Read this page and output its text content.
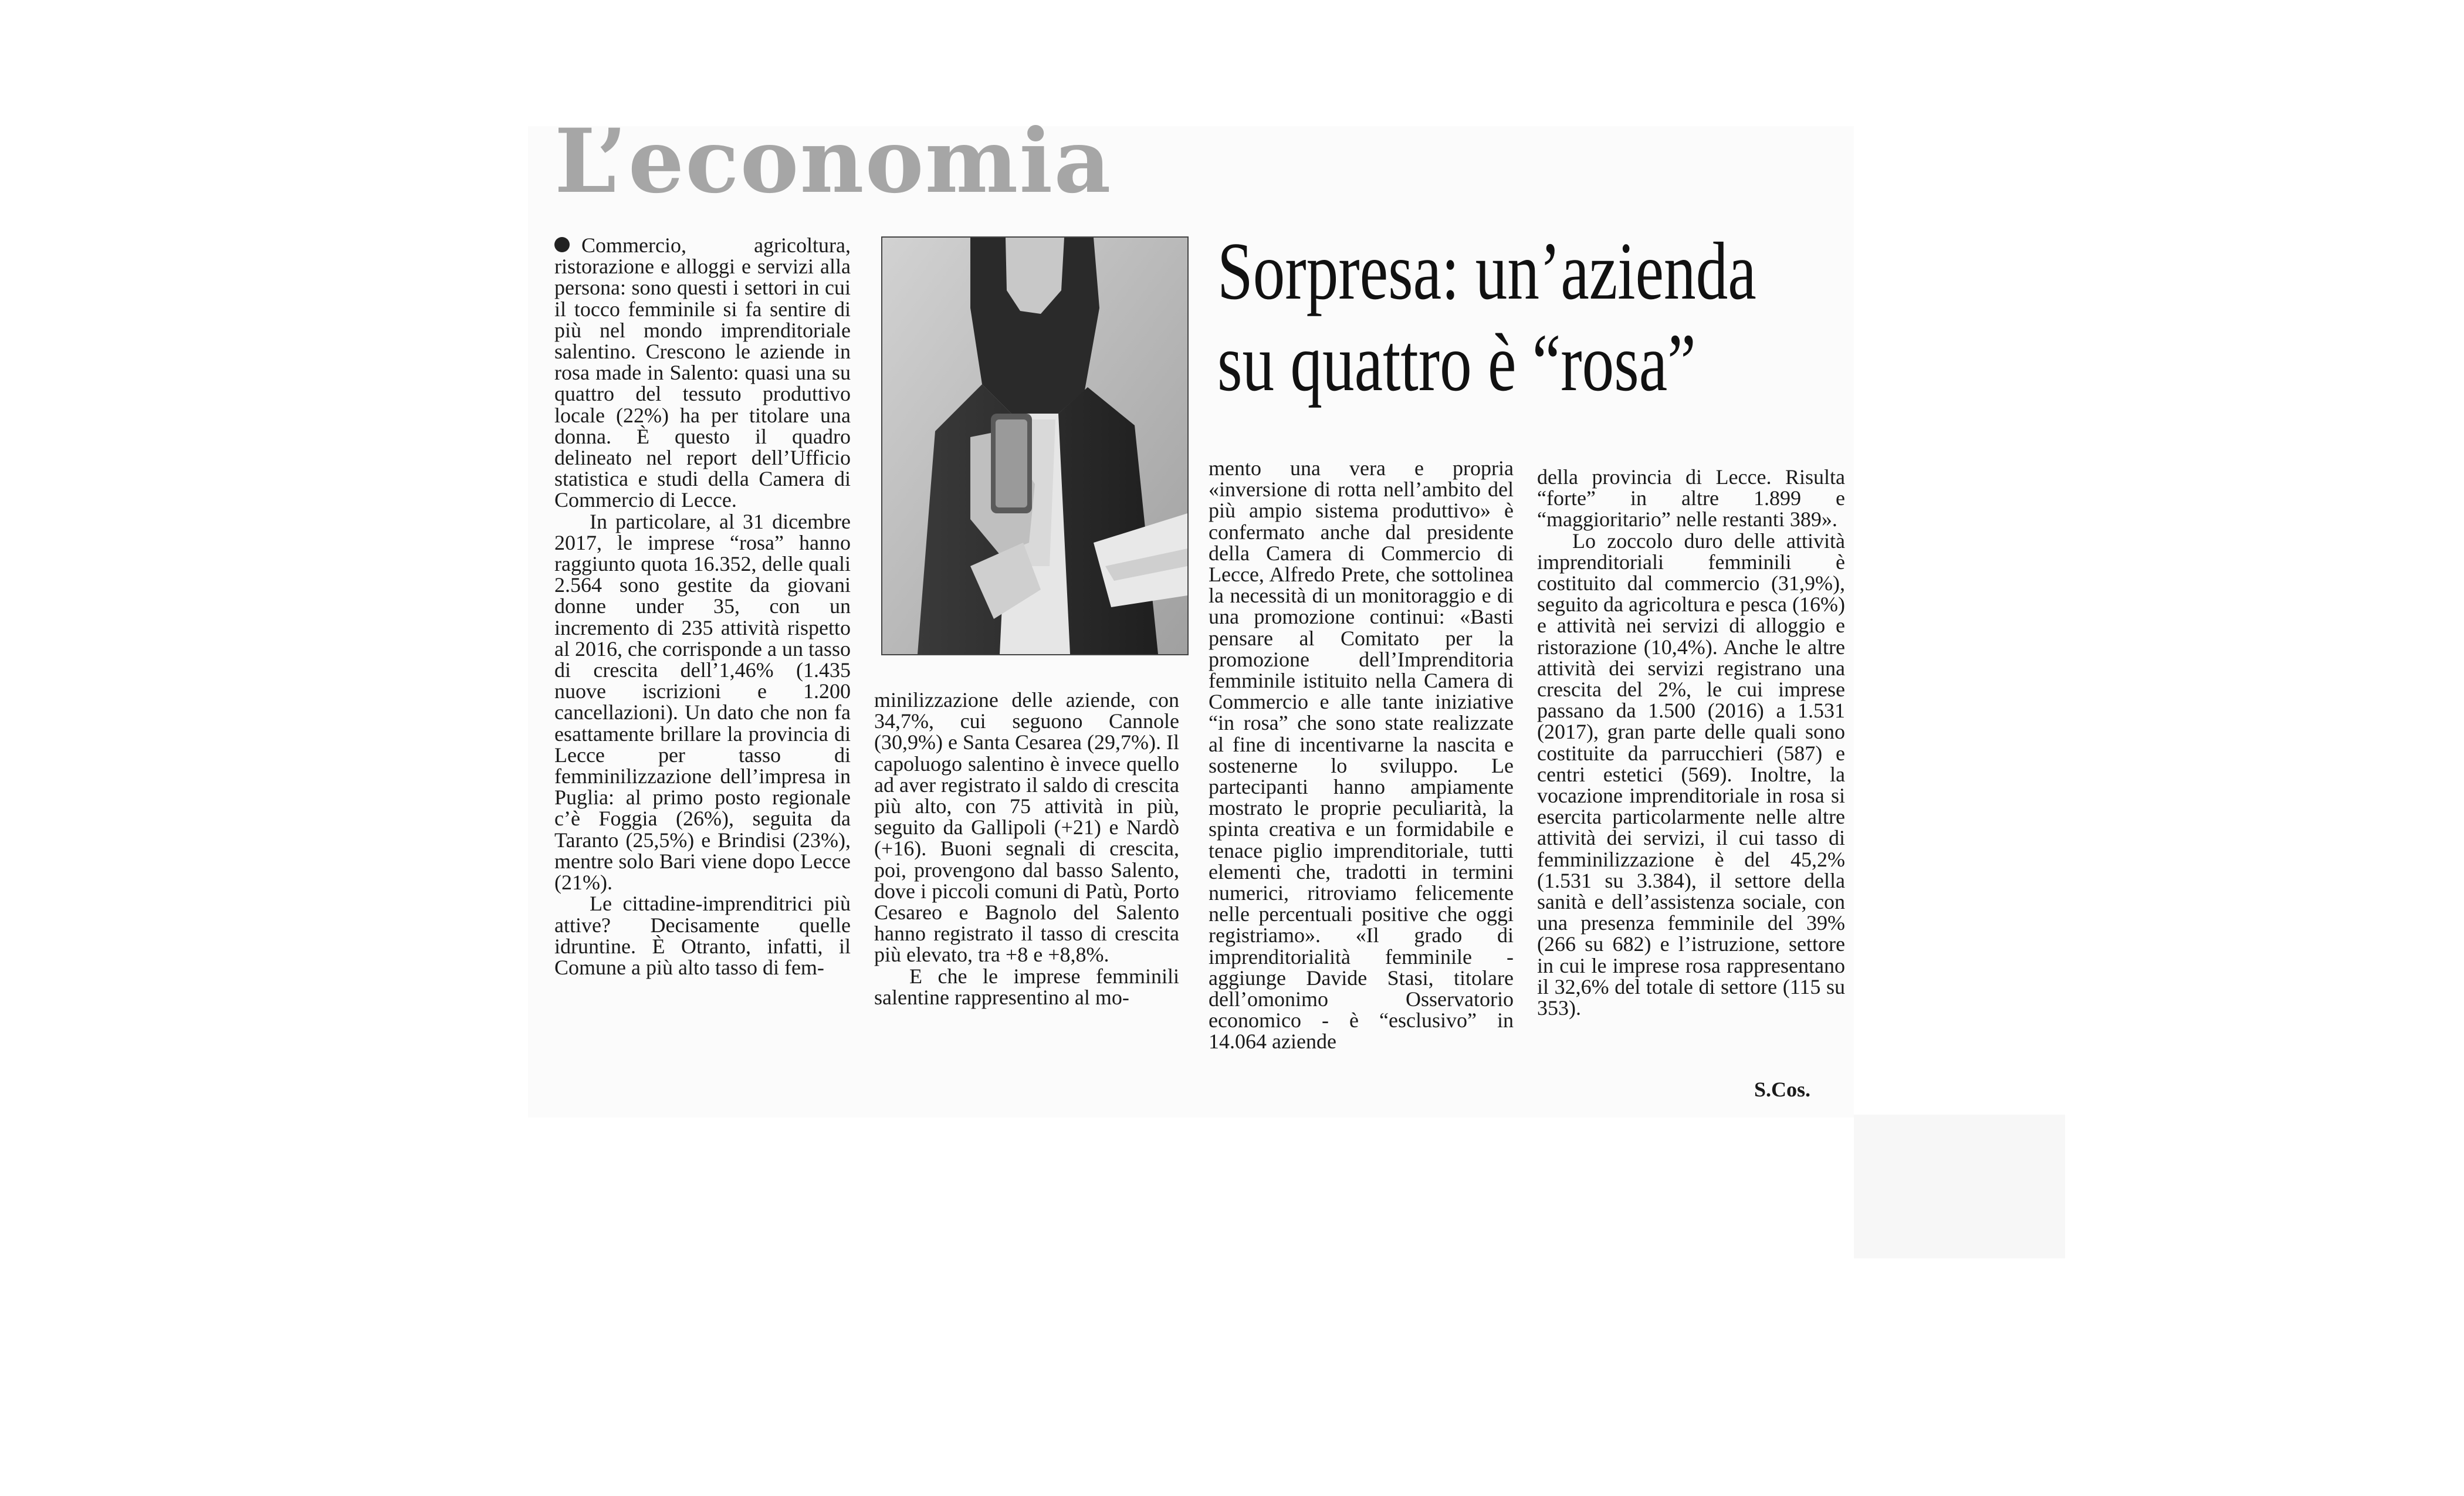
L’economia
Sorpresa: un’azienda
su quattro è “rosa”

Commercio, agricoltura, ristorazione e alloggi e servizi alla persona: sono questi i settori in cui il tocco femminile si fa sentire di più nel mondo imprenditoriale salentino. Crescono le aziende in rosa made in Salento: quasi una su quattro del tessuto produttivo locale (22%) ha per titolare una donna. È questo il quadro delineato nel report dell’Ufficio statistica e studi della Camera di Commercio di Lecce.

In particolare, al 31 dicembre 2017, le imprese “rosa” hanno raggiunto quota 16.352, delle quali 2.564 sono gestite da giovani donne under 35, con un incremento di 235 attività rispetto al 2016, che corrisponde a un tasso di crescita dell’1,46% (1.435 nuove iscrizioni e 1.200 cancellazioni). Un dato che non fa esattamente brillare la provincia di Lecce per tasso di femminilizzazione dell’impresa in Puglia: al primo posto regionale c’è Foggia (26%), seguita da Taranto (25,5%) e Brindisi (23%), mentre solo Bari viene dopo Lecce (21%).

Le cittadine-imprenditrici più attive? Decisamente quelle idruntine. È Otranto, infatti, il Comune a più alto tasso di fem-

minilizzazione delle aziende, con 34,7%, cui seguono Cannole (30,9%) e Santa Cesarea (29,7%). Il capoluogo salentino è invece quello ad aver registrato il saldo di crescita più alto, con 75 attività in più, seguito da Gallipoli (+21) e Nardò (+16). Buoni segnali di crescita, poi, provengono dal basso Salento, dove i piccoli comuni di Patù, Porto Cesareo e Bagnolo del Salento hanno registrato il tasso di crescita più elevato, tra +8 e +8,8%.

E che le imprese femminili salentine rappresentino al mo-

mento una vera e propria «inversione di rotta nell’ambito del più ampio sistema produttivo» è confermato anche dal presidente della Camera di Commercio di Lecce, Alfredo Prete, che sottolinea la necessità di un monitoraggio e di una promozione continui: «Basti pensare al Comitato per la promozione dell’Imprenditoria femminile istituito nella Camera di Commercio e alle tante iniziative “in rosa” che sono state realizzate al fine di incentivarne la nascita e sostenerne lo sviluppo. Le partecipanti hanno ampiamente mostrato le proprie peculiarità, la spinta creativa e un formidabile e tenace piglio imprenditoriale, tutti elementi che, tradotti in termini numerici, ritroviamo felicemente nelle percentuali positive che oggi registriamo». «Il grado di imprenditorialità femminile - aggiunge Davide Stasi, titolare dell’omonimo Osservatorio economico - è “esclusivo” in 14.064 aziende

della provincia di Lecce. Risulta “forte” in altre 1.899 e “maggioritario” nelle restanti 389».

Lo zoccolo duro delle attività imprenditoriali femminili è costituito dal commercio (31,9%), seguito da agricoltura e pesca (16%) e attività nei servizi di alloggio e ristorazione (10,4%). Anche le altre attività dei servizi registrano una crescita del 2%, le cui imprese passano da 1.500 (2016) a 1.531 (2017), gran parte delle quali sono costituite da parrucchieri (587) e centri estetici (569). Inoltre, la vocazione imprenditoriale in rosa si esercita particolarmente nelle altre attività dei servizi, il cui tasso di femminilizzazione è del 45,2% (1.531 su 3.384), il settore della sanità e dell’assistenza sociale, con una presenza femminile del 39% (266 su 682) e l’istruzione, settore in cui le imprese rosa rappresentano il 32,6% del totale di settore (115 su 353).

S.Cos.
